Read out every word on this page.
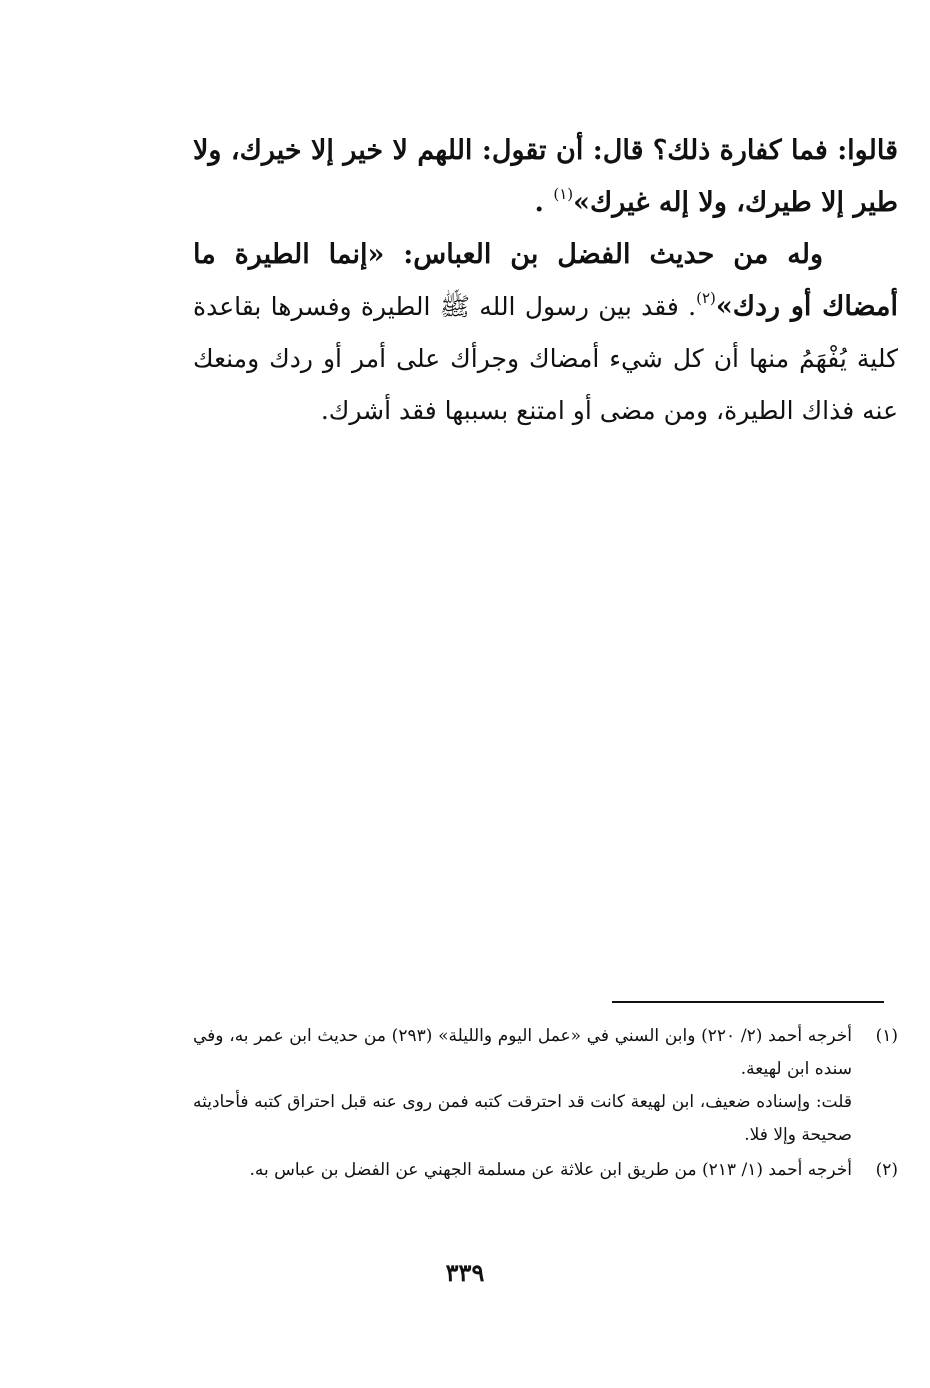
قالوا: فما كفارة ذلك؟ قال: أن تقول: اللهم لا خير إلا خيرك، ولا طير إلا طيرك، ولا إله غيرك»$^{(١)}$ .

وله من حديث الفضل بن العباس: «إنما الطيرة ما أمضاك أو ردك»$^{(٢)}$. فقد بين رسول الله ﷺ الطيرة وفسرها بقاعدة كلية يُفْهَمُ منها أن كل شيء أمضاك وجرأك على أمر أو ردك ومنعك عنه فذاك الطيرة، ومن مضى أو امتنع بسببها فقد أشرك.

(١)

أخرجه أحمد (٢/ ٢٢٠) وابن السني في «عمل اليوم والليلة» (٢٩٣) من حديث ابن عمر به، وفي سنده ابن لهيعة.

قلت: وإسناده ضعيف، ابن لهيعة كانت قد احترقت كتبه فمن روى عنه قبل احتراق كتبه فأحاديثه صحيحة وإلا فلا.

(٢)

أخرجه أحمد (١/ ٢١٣) من طريق ابن علاثة عن مسلمة الجهني عن الفضل بن عباس به.

٣٣٩
